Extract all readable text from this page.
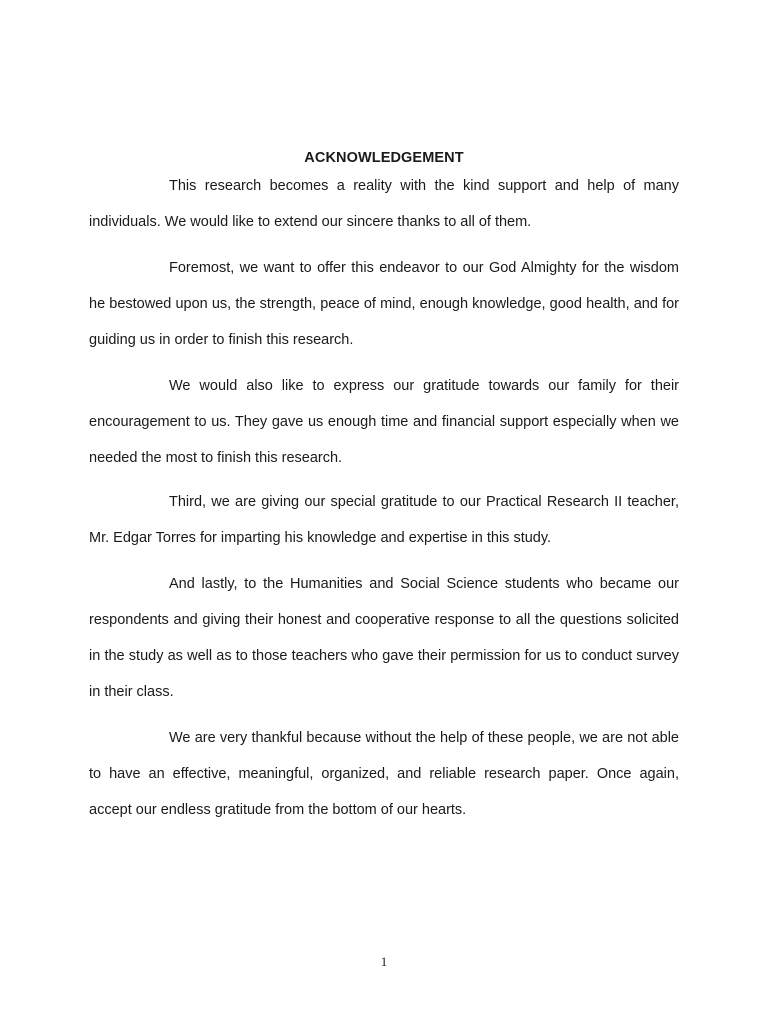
ACKNOWLEDGEMENT

This research becomes a reality with the kind support and help of many individuals. We would like to extend our sincere thanks to all of them.

Foremost, we want to offer this endeavor to our God Almighty for the wisdom he bestowed upon us, the strength, peace of mind, enough knowledge, good health, and for guiding us in order to finish this research.

We would also like to express our gratitude towards our family for their encouragement to us. They gave us enough time and financial support especially when we needed the most to finish this research.

Third, we are giving our special gratitude to our Practical Research II teacher, Mr. Edgar Torres for imparting his knowledge and expertise in this study.

And lastly, to the Humanities and Social Science students who became our respondents and giving their honest and cooperative response to all the questions solicited in the study as well as to those teachers who gave their permission for us to conduct survey in their class.

We are very thankful because without the help of these people, we are not able to have an effective, meaningful, organized, and reliable research paper. Once again, accept our endless gratitude from the bottom of our hearts.

1
